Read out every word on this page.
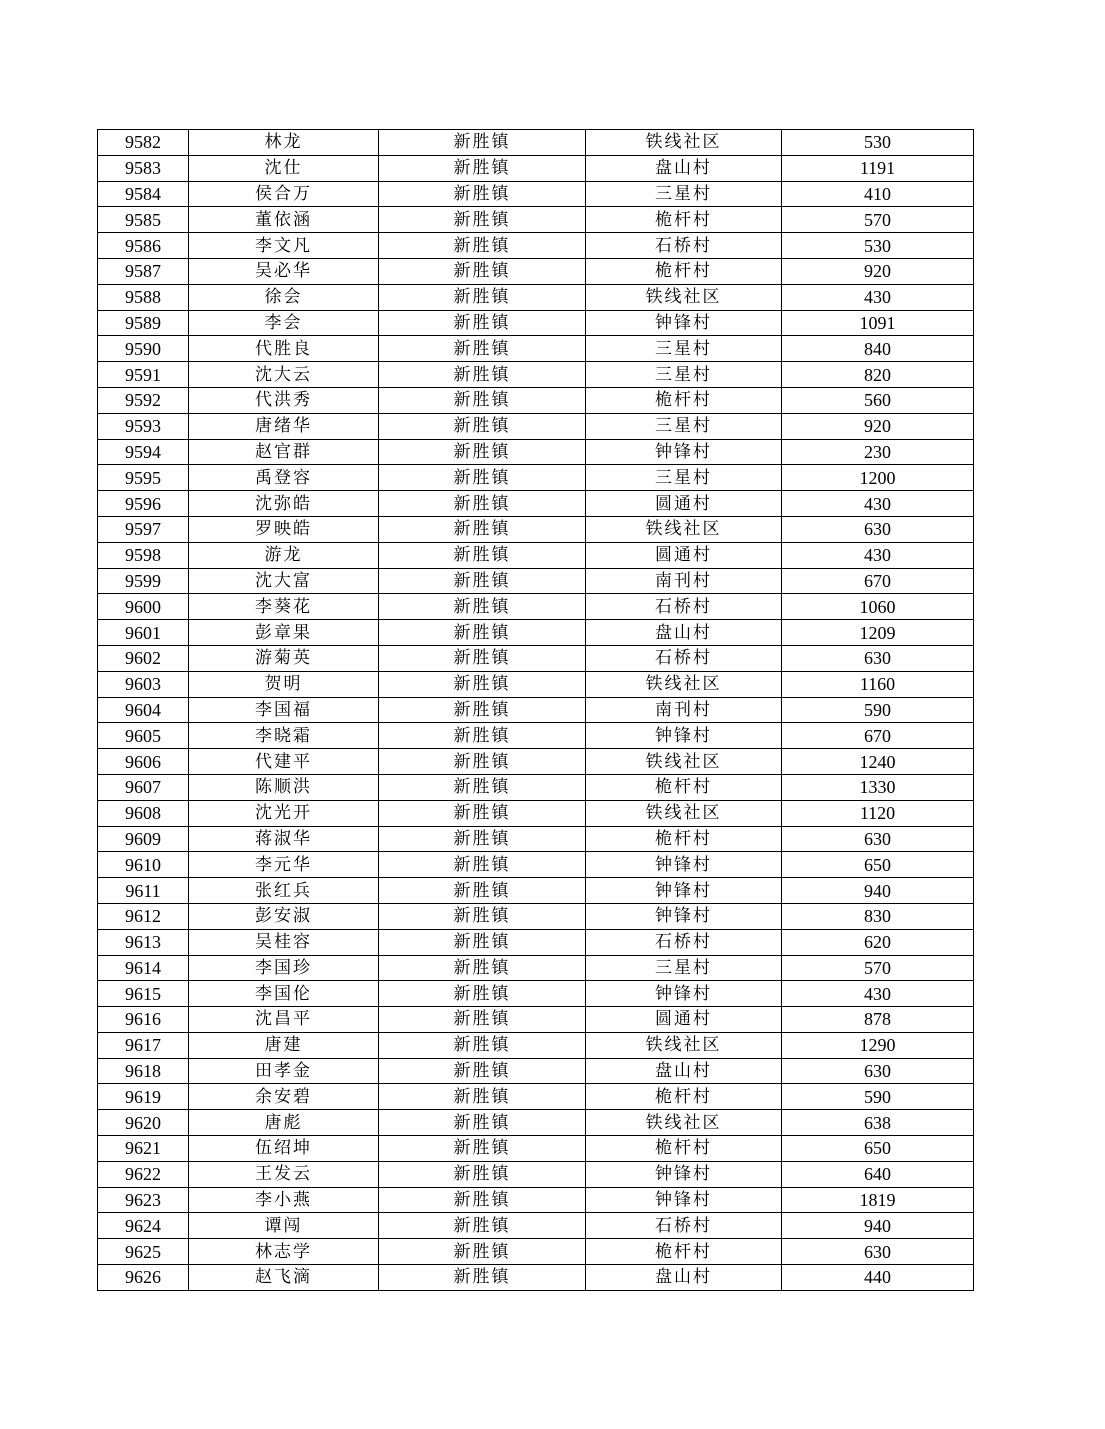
9582	林龙	新胜镇	铁线社区	530
9583	沈仕	新胜镇	盘山村	1191
9584	侯合万	新胜镇	三星村	410
9585	董依涵	新胜镇	桅杆村	570
9586	李文凡	新胜镇	石桥村	530
9587	吴必华	新胜镇	桅杆村	920
9588	徐会	新胜镇	铁线社区	430
9589	李会	新胜镇	钟锋村	1091
9590	代胜良	新胜镇	三星村	840
9591	沈大云	新胜镇	三星村	820
9592	代洪秀	新胜镇	桅杆村	560
9593	唐绪华	新胜镇	三星村	920
9594	赵官群	新胜镇	钟锋村	230
9595	禹登容	新胜镇	三星村	1200
9596	沈弥皓	新胜镇	圆通村	430
9597	罗映皓	新胜镇	铁线社区	630
9598	游龙	新胜镇	圆通村	430
9599	沈大富	新胜镇	南刊村	670
9600	李葵花	新胜镇	石桥村	1060
9601	彭章果	新胜镇	盘山村	1209
9602	游菊英	新胜镇	石桥村	630
9603	贺明	新胜镇	铁线社区	1160
9604	李国福	新胜镇	南刊村	590
9605	李晓霜	新胜镇	钟锋村	670
9606	代建平	新胜镇	铁线社区	1240
9607	陈顺洪	新胜镇	桅杆村	1330
9608	沈光开	新胜镇	铁线社区	1120
9609	蒋淑华	新胜镇	桅杆村	630
9610	李元华	新胜镇	钟锋村	650
9611	张红兵	新胜镇	钟锋村	940
9612	彭安淑	新胜镇	钟锋村	830
9613	吴桂容	新胜镇	石桥村	620
9614	李国珍	新胜镇	三星村	570
9615	李国伦	新胜镇	钟锋村	430
9616	沈昌平	新胜镇	圆通村	878
9617	唐建	新胜镇	铁线社区	1290
9618	田孝金	新胜镇	盘山村	630
9619	余安碧	新胜镇	桅杆村	590
9620	唐彪	新胜镇	铁线社区	638
9621	伍绍坤	新胜镇	桅杆村	650
9622	王发云	新胜镇	钟锋村	640
9623	李小燕	新胜镇	钟锋村	1819
9624	谭闯	新胜镇	石桥村	940
9625	林志学	新胜镇	桅杆村	630
9626	赵飞滴	新胜镇	盘山村	440
